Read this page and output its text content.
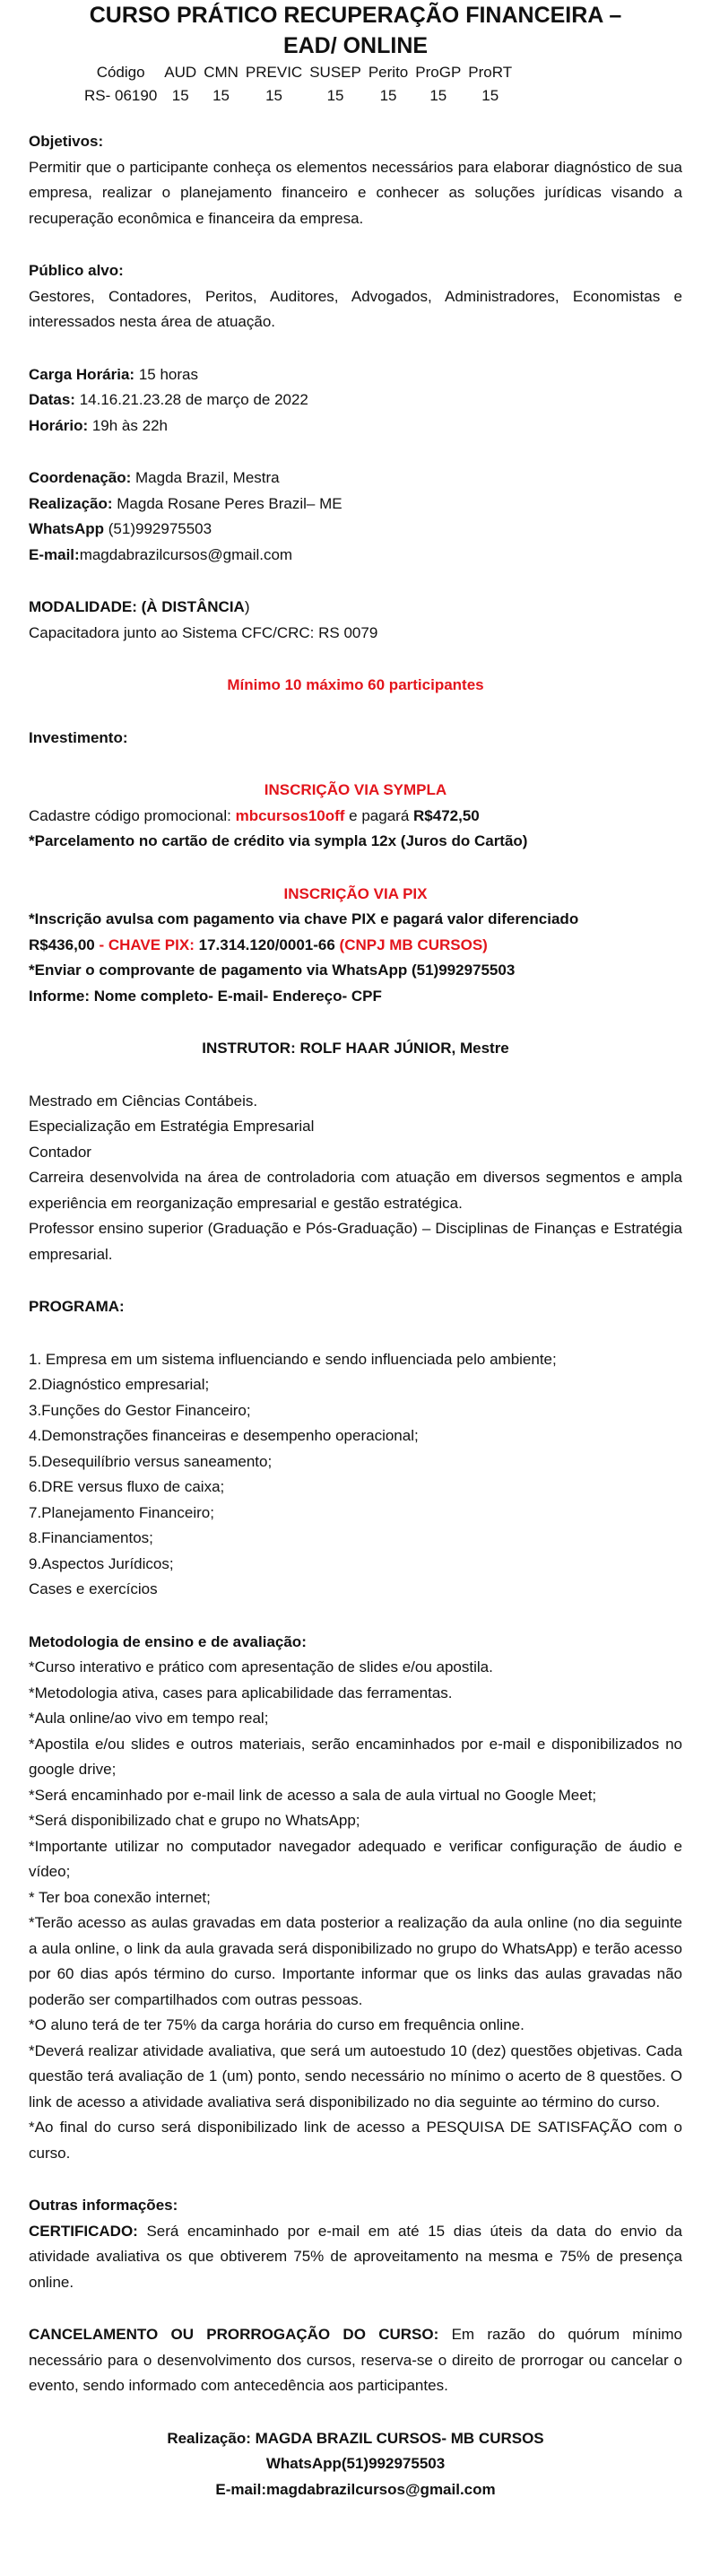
CURSO PRÁTICO RECUPERAÇÃO FINANCEIRA –
EAD/ ONLINE
Código	AUD	CMN	PREVIC	SUSEP	Perito	ProGP	ProRT
RS- 06190	15	15	15	15	15	15	15

Objetivos:

Permitir que o participante conheça os elementos necessários para elaborar diagnóstico de sua empresa, realizar o planejamento financeiro e conhecer as soluções jurídicas visando a recuperação econômica e financeira da empresa.

Público alvo:

Gestores, Contadores, Peritos, Auditores, Advogados, Administradores, Economistas e interessados nesta área de atuação.

Carga Horária: 15 horas

Datas: 14.16.21.23.28 de março de 2022

Horário: 19h às 22h

Coordenação: Magda Brazil, Mestra

Realização: Magda Rosane Peres Brazil– ME

WhatsApp (51)992975503

E-mail:magdabrazilcursos@gmail.com

MODALIDADE: (À DISTÂNCIA)

Capacitadora junto ao Sistema CFC/CRC: RS 0079

Mínimo 10 máximo 60 participantes

Investimento:

INSCRIÇÃO VIA SYMPLA

Cadastre código promocional: mbcursos10off e pagará R$472,50

*Parcelamento no cartão de crédito via sympla 12x (Juros do Cartão)

INSCRIÇÃO VIA PIX

*Inscrição avulsa com pagamento via chave PIX e pagará valor diferenciado

R$436,00 - CHAVE PIX: 17.314.120/0001-66 (CNPJ MB CURSOS)

*Enviar o comprovante de pagamento via WhatsApp (51)992975503

Informe: Nome completo- E-mail- Endereço- CPF

INSTRUTOR: ROLF HAAR JÚNIOR, Mestre

Mestrado em Ciências Contábeis.

Especialização em Estratégia Empresarial

Contador

Carreira desenvolvida na área de controladoria com atuação em diversos segmentos e ampla experiência em reorganização empresarial e gestão estratégica.

Professor ensino superior (Graduação e Pós-Graduação) – Disciplinas de Finanças e Estratégia empresarial.

PROGRAMA:

1. Empresa em um sistema influenciando e sendo influenciada pelo ambiente;

2.Diagnóstico empresarial;

3.Funções do Gestor Financeiro;

4.Demonstrações financeiras e desempenho operacional;

5.Desequilíbrio versus saneamento;

6.DRE versus fluxo de caixa;

7.Planejamento Financeiro;

8.Financiamentos;

9.Aspectos Jurídicos;

Cases e exercícios

Metodologia de ensino e de avaliação:

*Curso interativo e prático com apresentação de slides e/ou apostila.

*Metodologia ativa, cases para aplicabilidade das ferramentas.

*Aula online/ao vivo em tempo real;

*Apostila e/ou slides e outros materiais, serão encaminhados por e-mail e disponibilizados no google drive;

*Será encaminhado por e-mail link de acesso a sala de aula virtual no Google Meet;

*Será disponibilizado chat e grupo no WhatsApp;

*Importante utilizar no computador navegador adequado e verificar configuração de áudio e vídeo;

* Ter boa conexão internet;

*Terão acesso as aulas gravadas em data posterior a realização da aula online (no dia seguinte a aula online, o link da aula gravada será disponibilizado no grupo do WhatsApp) e terão acesso por 60 dias após término do curso. Importante informar que os links das aulas gravadas não poderão ser compartilhados com outras pessoas.

*O aluno terá de ter 75% da carga horária do curso em frequência online.

*Deverá realizar atividade avaliativa, que será um autoestudo 10 (dez) questões objetivas. Cada questão terá avaliação de 1 (um) ponto, sendo necessário no mínimo o acerto de 8 questões. O link de acesso a atividade avaliativa será disponibilizado no dia seguinte ao término do curso.

*Ao final do curso será disponibilizado link de acesso a PESQUISA DE SATISFAÇÃO com o curso.

Outras informações:

CERTIFICADO: Será encaminhado por e-mail em até 15 dias úteis da data do envio da atividade avaliativa os que obtiverem 75% de aproveitamento na mesma e 75% de presença online.

CANCELAMENTO OU PRORROGAÇÃO DO CURSO: Em razão do quórum mínimo necessário para o desenvolvimento dos cursos, reserva-se o direito de prorrogar ou cancelar o evento, sendo informado com antecedência aos participantes.

Realização: MAGDA BRAZIL CURSOS- MB CURSOS

WhatsApp(51)992975503

E-mail:magdabrazilcursos@gmail.com
